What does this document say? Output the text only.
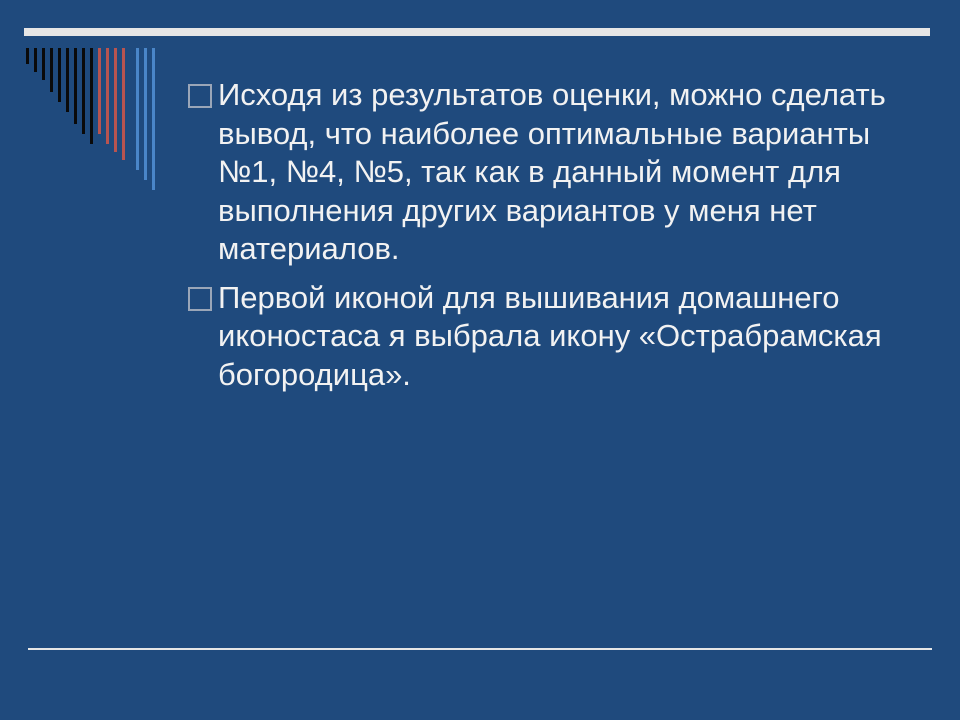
Исходя из результатов оценки, можно сделать вывод, что наиболее оптимальные варианты №1, №4, №5, так как в данный момент для выполнения других вариантов у меня нет материалов.
Первой иконой для вышивания домашнего иконостаса я выбрала икону «Острабрамская богородица».
